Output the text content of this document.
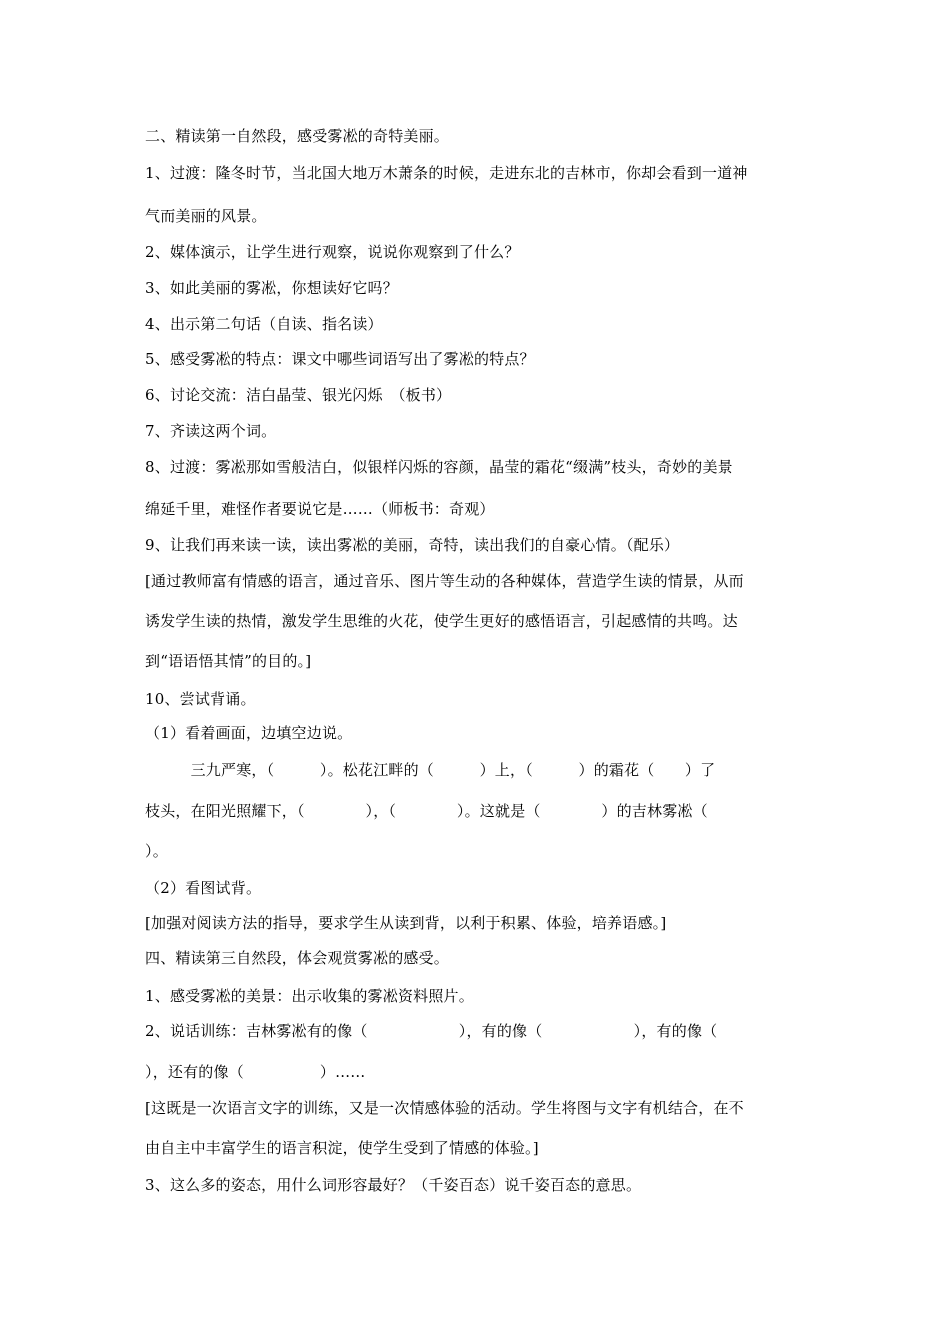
二、精读第一自然段，感受雾凇的奇特美丽。
1、过渡：隆冬时节，当北国大地万木萧条的时候，走进东北的吉林市，你却会看到一道神
气而美丽的风景。
2、媒体演示，让学生进行观察，说说你观察到了什么？
3、如此美丽的雾凇，你想读好它吗？
4、出示第二句话（自读、指名读）
5、感受雾凇的特点：课文中哪些词语写出了雾凇的特点？
6、讨论交流：洁白晶莹、银光闪烁　（板书）
7、齐读这两个词。
8、过渡：雾凇那如雪般洁白，似银样闪烁的容颜，晶莹的霜花“缀满”枝头，奇妙的美景
绵延千里，难怪作者要说它是……（师板书：奇观）
9、让我们再来读一读，读出雾凇的美丽，奇特，读出我们的自豪心情。（配乐）
[通过教师富有情感的语言，通过音乐、图片等生动的各种媒体，营造学生读的情景，从而
诱发学生读的热情，激发学生思维的火花，使学生更好的感悟语言，引起感情的共鸣。达
到“语语悟其情”的目的。]
10、尝试背诵。
（1）看着画面，边填空边说。
　　　三九严寒，（　　　）。松花江畔的（　　　）上，（　　　）的霜花（　　）了
枝头，在阳光照耀下，（　　　　），（　　　　）。这就是（　　　　）的吉林雾凇（
）。
（2）看图试背。
[加强对阅读方法的指导，要求学生从读到背，以利于积累、体验，培养语感。]
四、精读第三自然段，体会观赏雾凇的感受。
1、感受雾凇的美景：出示收集的雾凇资料照片。
2、说话训练：吉林雾凇有的像（　　　　　　），有的像（　　　　　　），有的像（
），还有的像（　　　　　）……
[这既是一次语言文字的训练，又是一次情感体验的活动。学生将图与文字有机结合，在不
由自主中丰富学生的语言积淀，使学生受到了情感的体验。]
3、这么多的姿态，用什么词形容最好？（千姿百态）说千姿百态的意思。
